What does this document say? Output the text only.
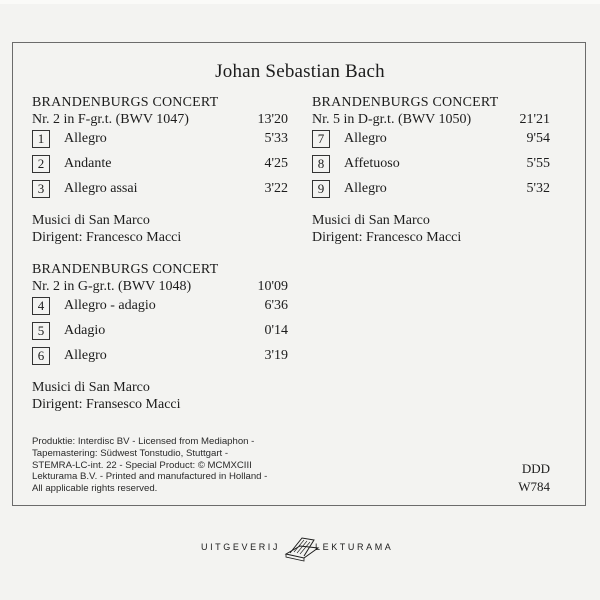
Johan Sebastian Bach
BRANDENBURGS CONCERT
Nr. 2 in F-gr.t. (BWV 1047)	13'20
1	Allegro	5'33
2	Andante	4'25
3	Allegro assai	3'22
Musici di San Marco
Dirigent: Francesco Macci
BRANDENBURGS CONCERT
Nr. 5 in D-gr.t. (BWV 1050)	21'21
7	Allegro	9'54
8	Affetuoso	5'55
9	Allegro	5'32
Musici di San Marco
Dirigent: Francesco Macci
BRANDENBURGS CONCERT
Nr. 2 in G-gr.t. (BWV 1048)	10'09
4	Allegro - adagio	6'36
5	Adagio	0'14
6	Allegro	3'19
Musici di San Marco
Dirigent: Fransesco Macci
Produktie: Interdisc BV - Licensed from Mediaphon -
Tapemastering: Südwest Tonstudio, Stuttgart -
STEMRA-LC-int. 22 - Special Product: © MCMXCIII
Lekturama B.V. - Printed and manufactured in Holland -
All applicable rights reserved.
DDD
W784
UITGEVERIJ	LEKTURAMA
